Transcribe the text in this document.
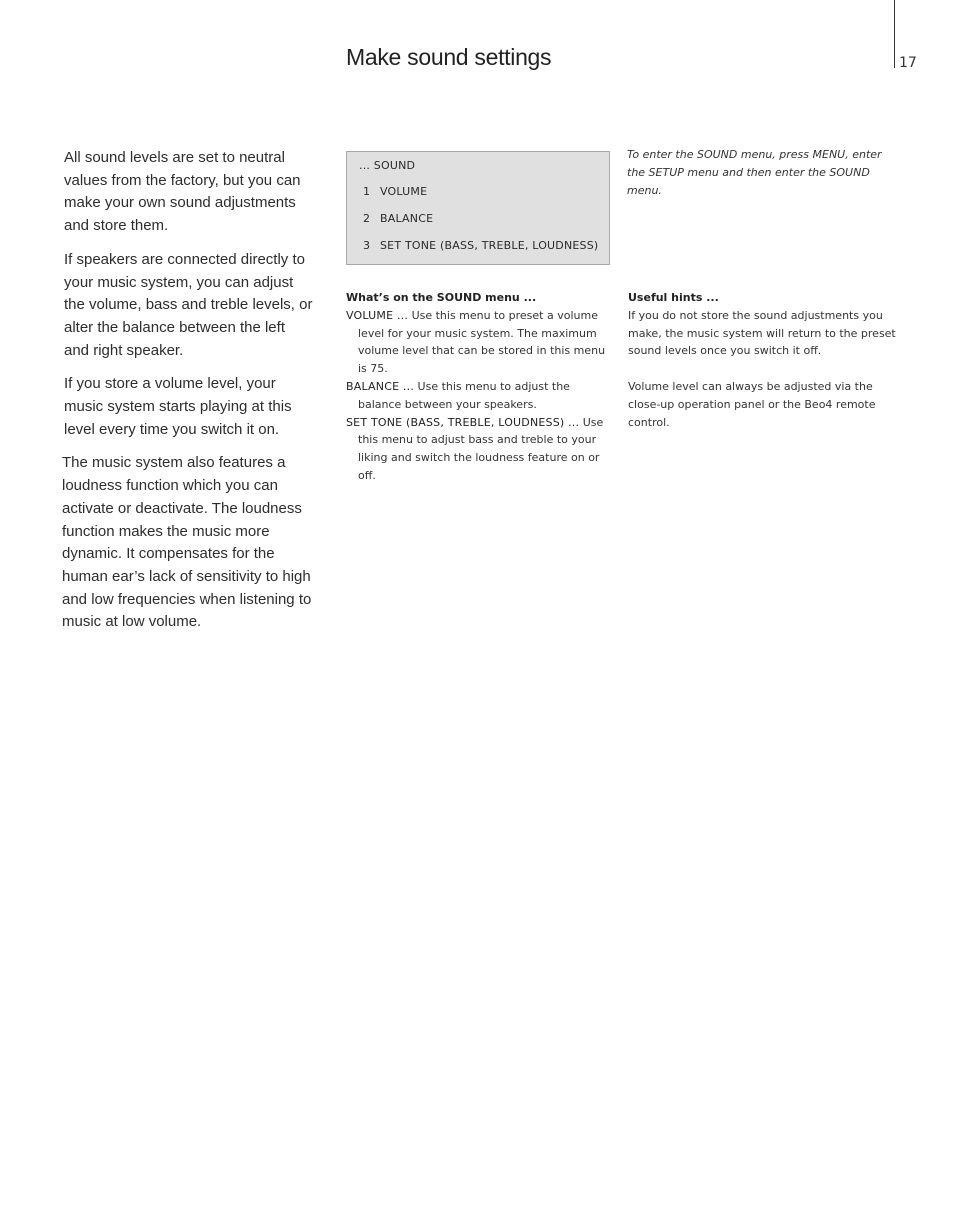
17
Make sound settings

All sound levels are set to neutral values from the factory, but you can make your own sound adjustments and store them.

If speakers are connected directly to your music system, you can adjust the volume, bass and treble levels, or alter the balance between the left and right speaker.

If you store a volume level, your music system starts playing at this level every time you switch it on.

The music system also features a loudness function which you can activate or deactivate. The loudness function makes the music more dynamic. It compensates for the human ear’s lack of sensitivity to high and low frequencies when listening to music at low volume.

... SOUND
1 VOLUME
2 BALANCE
3 SET TONE (BASS, TREBLE, LOUDNESS)
To enter the SOUND menu, press MENU, enter the SETUP menu and then enter the SOUND menu.

What’s on the SOUND menu ...

VOLUME ... Use this menu to preset a volume level for your music system. The maximum volume level that can be stored in this menu is 75.

BALANCE ... Use this menu to adjust the balance between your speakers.

SET TONE (BASS, TREBLE, LOUDNESS) ... Use this menu to adjust bass and treble to your liking and switch the loudness feature on or off.

Useful hints ...

If you do not store the sound adjustments you make, the music system will return to the preset sound levels once you switch it off.

Volume level can always be adjusted via the close-up operation panel or the Beo4 remote control.
